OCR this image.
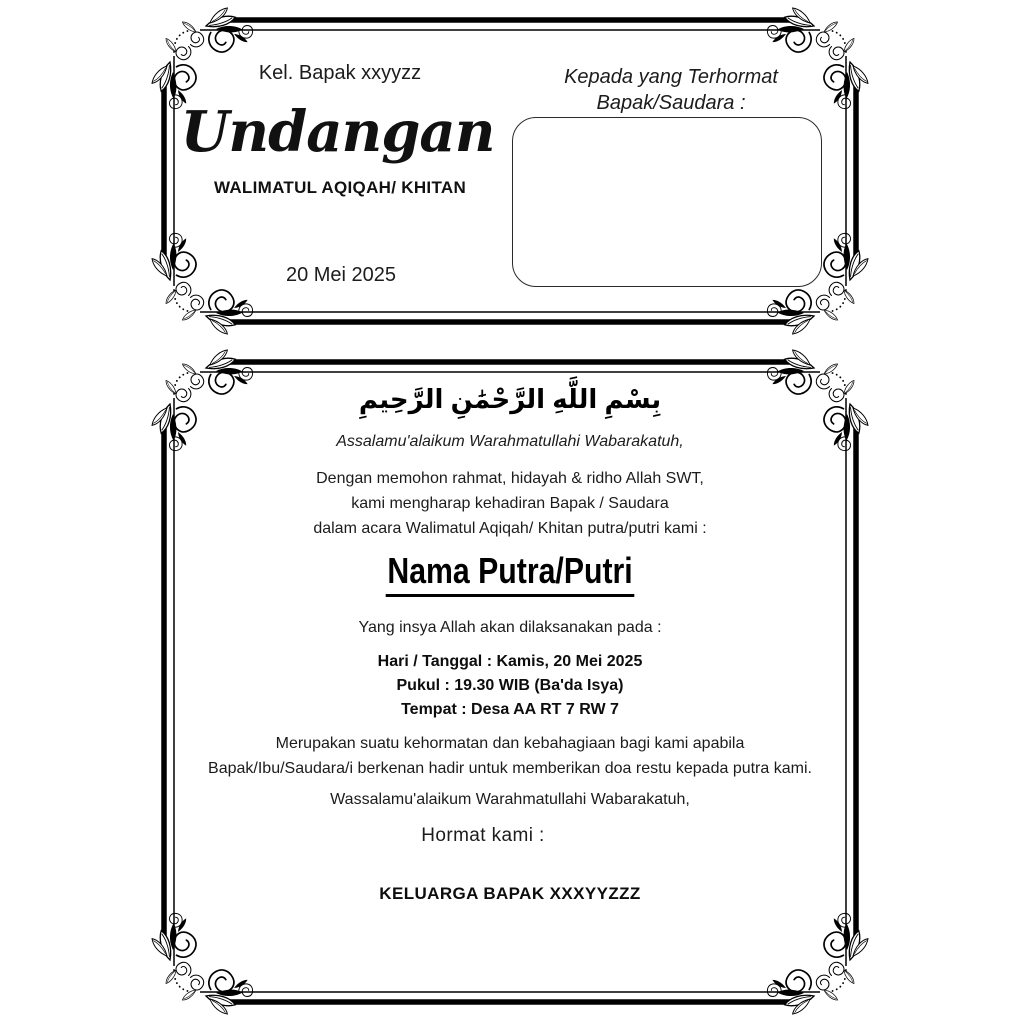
Kel. Bapak xxyyzz	Kepada yang Terhormat
Bapak/Saudara :
Undangan
WALIMATUL AQIQAH/ KHITAN
20 Mei 2025
بِسْمِ اللَّهِ الرَّحْمَٰنِ الرَّحِيمِ
Assalamu'alaikum Warahmatullahi Wabarakatuh,
Dengan memohon rahmat, hidayah & ridho Allah SWT,
kami mengharap kehadiran Bapak / Saudara
dalam acara Walimatul Aqiqah/ Khitan putra/putri kami :
Nama Putra/Putri
Yang insya Allah akan dilaksanakan pada :
Hari / Tanggal : Kamis, 20 Mei 2025
Pukul : 19.30 WIB (Ba'da Isya)
Tempat : Desa AA RT 7 RW 7
Merupakan suatu kehormatan dan kebahagiaan bagi kami apabila
Bapak/Ibu/Saudara/i berkenan hadir untuk memberikan doa restu kepada putra kami.
Wassalamu'alaikum Warahmatullahi Wabarakatuh,
Hormat kami :
KELUARGA BAPAK XXXYYZZZ
